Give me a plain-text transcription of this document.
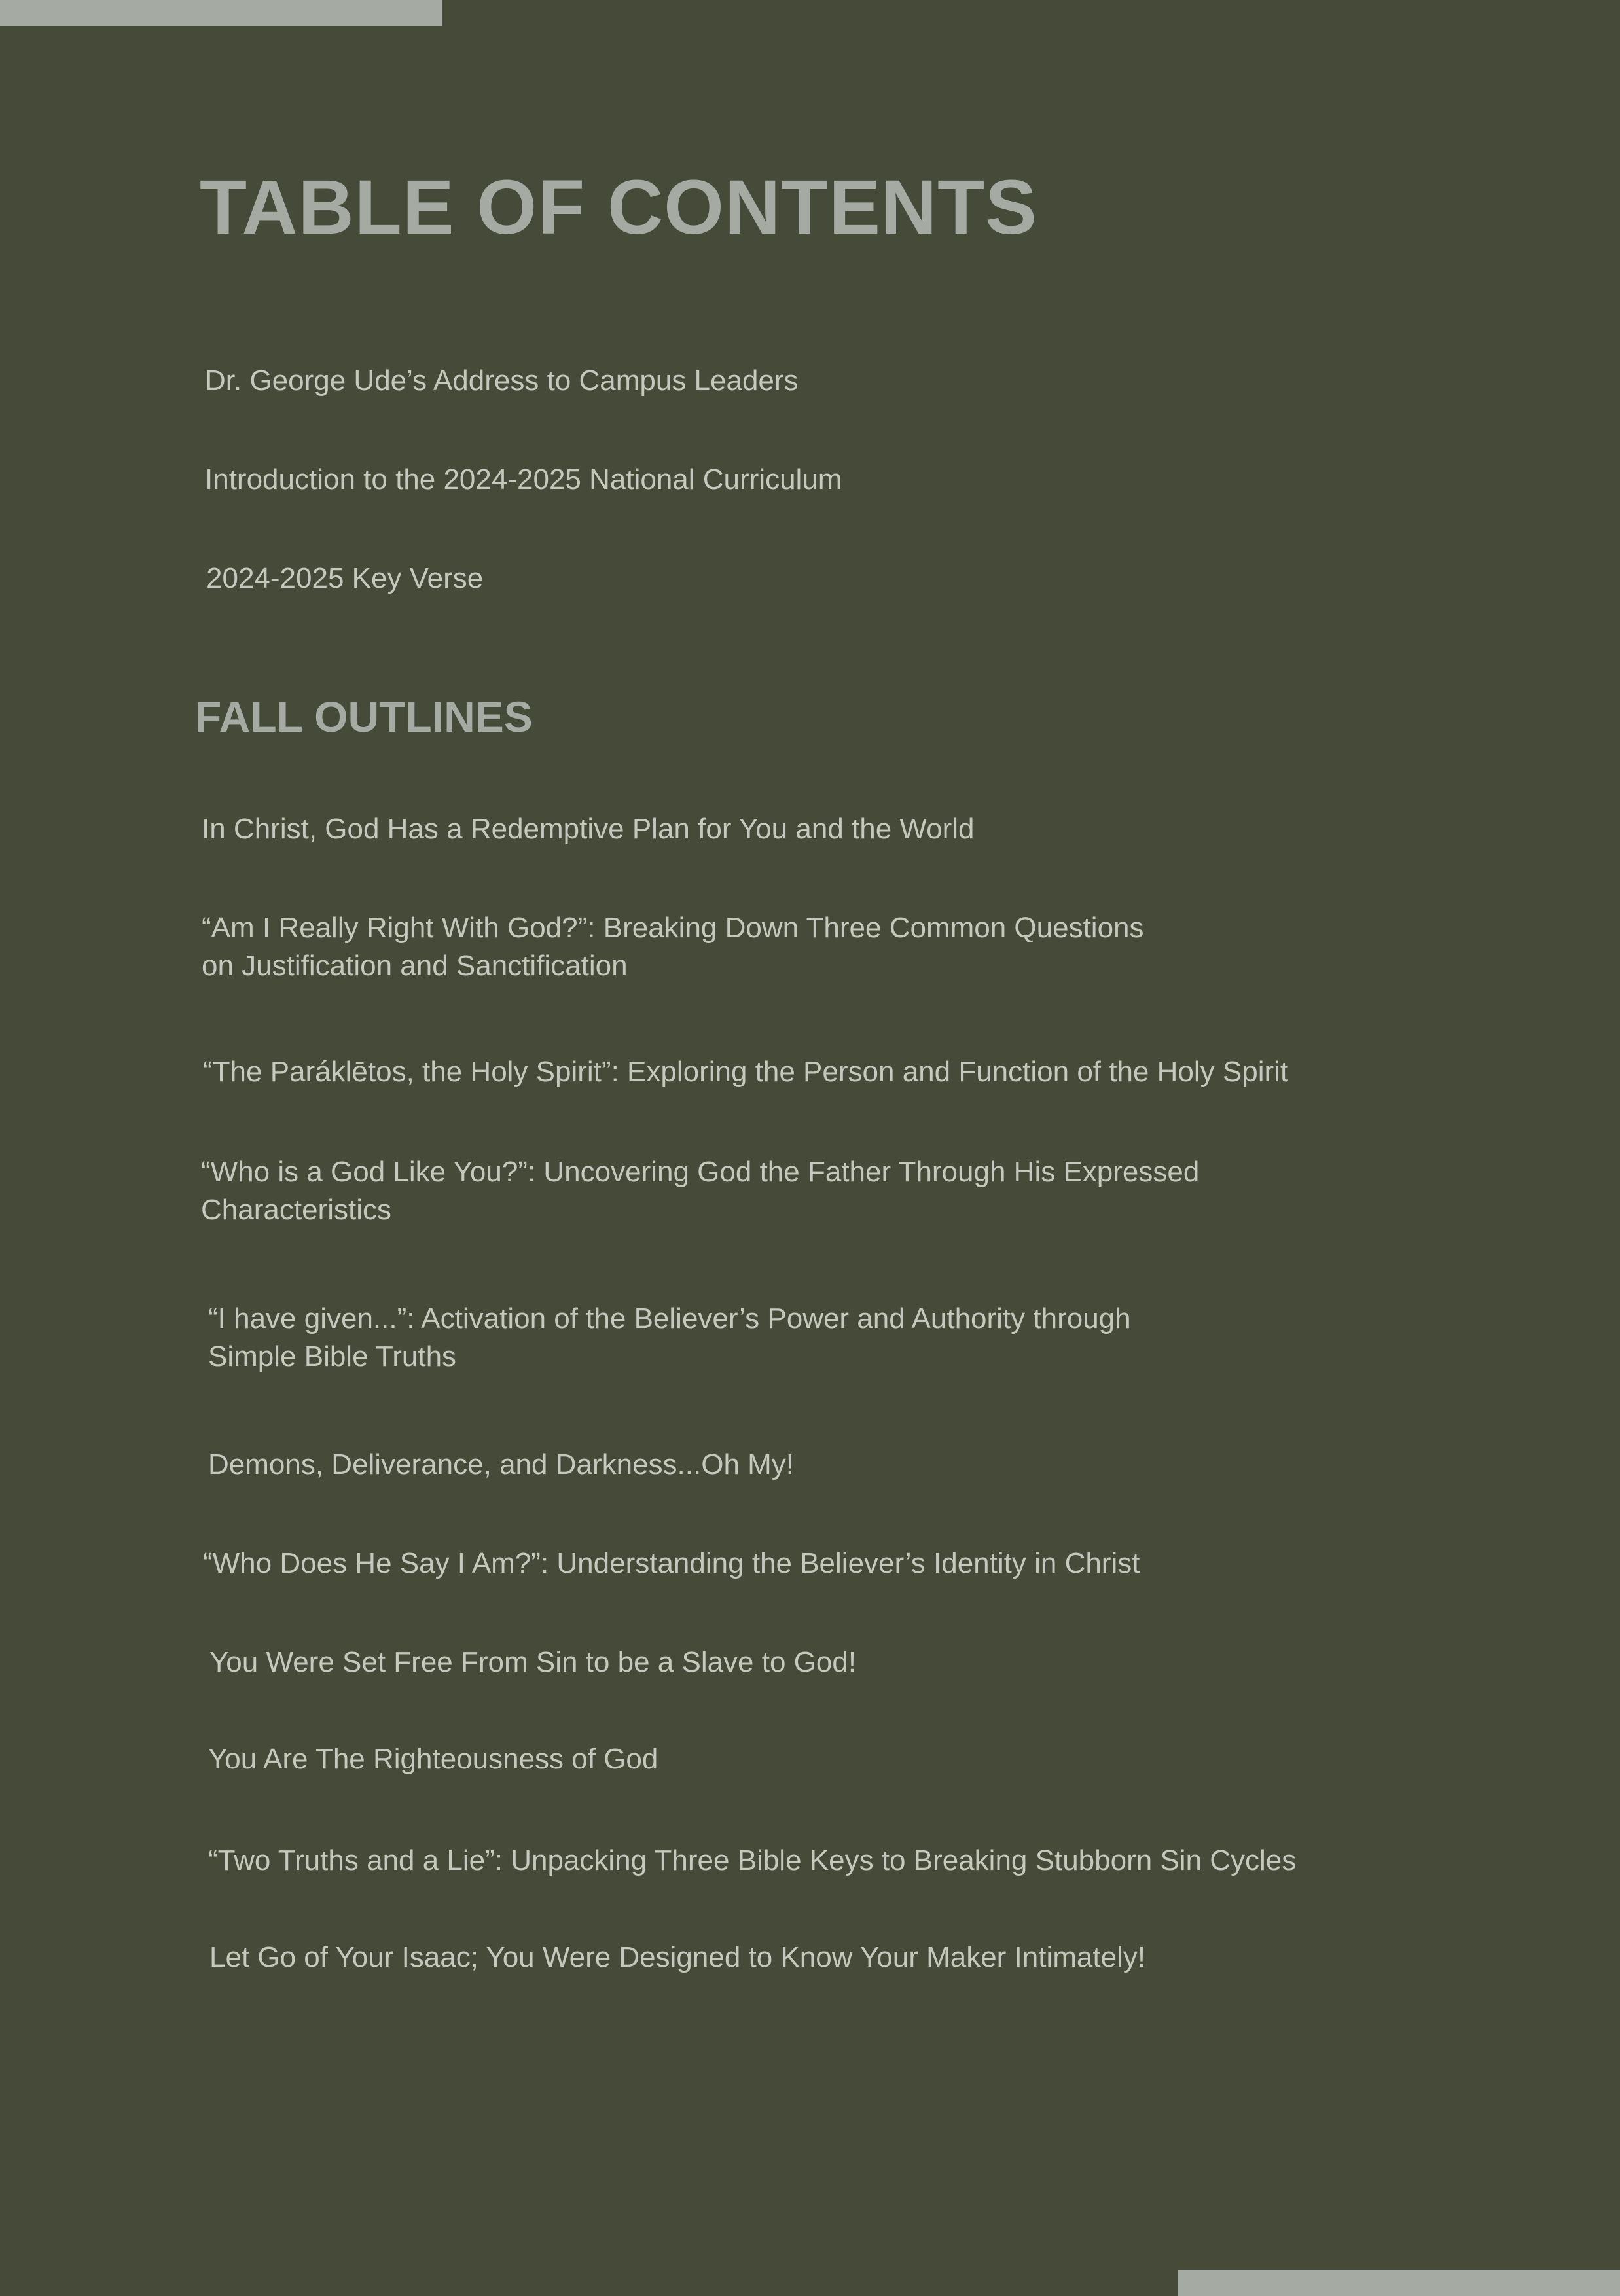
TABLE OF CONTENTS

Dr. George Ude’s Address to Campus Leaders

Introduction to the 2024-2025 National Curriculum

2024-2025 Key Verse

FALL OUTLINES

In Christ, God Has a Redemptive Plan for You and the World

“Am I Really Right With God?”: Breaking Down Three Common Questions
on Justification and Sanctification

“The Paráklētos, the Holy Spirit”: Exploring the Person and Function of the Holy Spirit

“Who is a God Like You?”: Uncovering God the Father Through His Expressed
Characteristics
“I have given...”: Activation of the Believer’s Power and Authority through
Simple Bible Truths

Demons, Deliverance, and Darkness...Oh My!

“Who Does He Say I Am?”: Understanding the Believer’s Identity in Christ

You Were Set Free From Sin to be a Slave to God!

You Are The Righteousness of God

“Two Truths and a Lie”: Unpacking Three Bible Keys to Breaking Stubborn Sin Cycles

Let Go of Your Isaac; You Were Designed to Know Your Maker Intimately!
